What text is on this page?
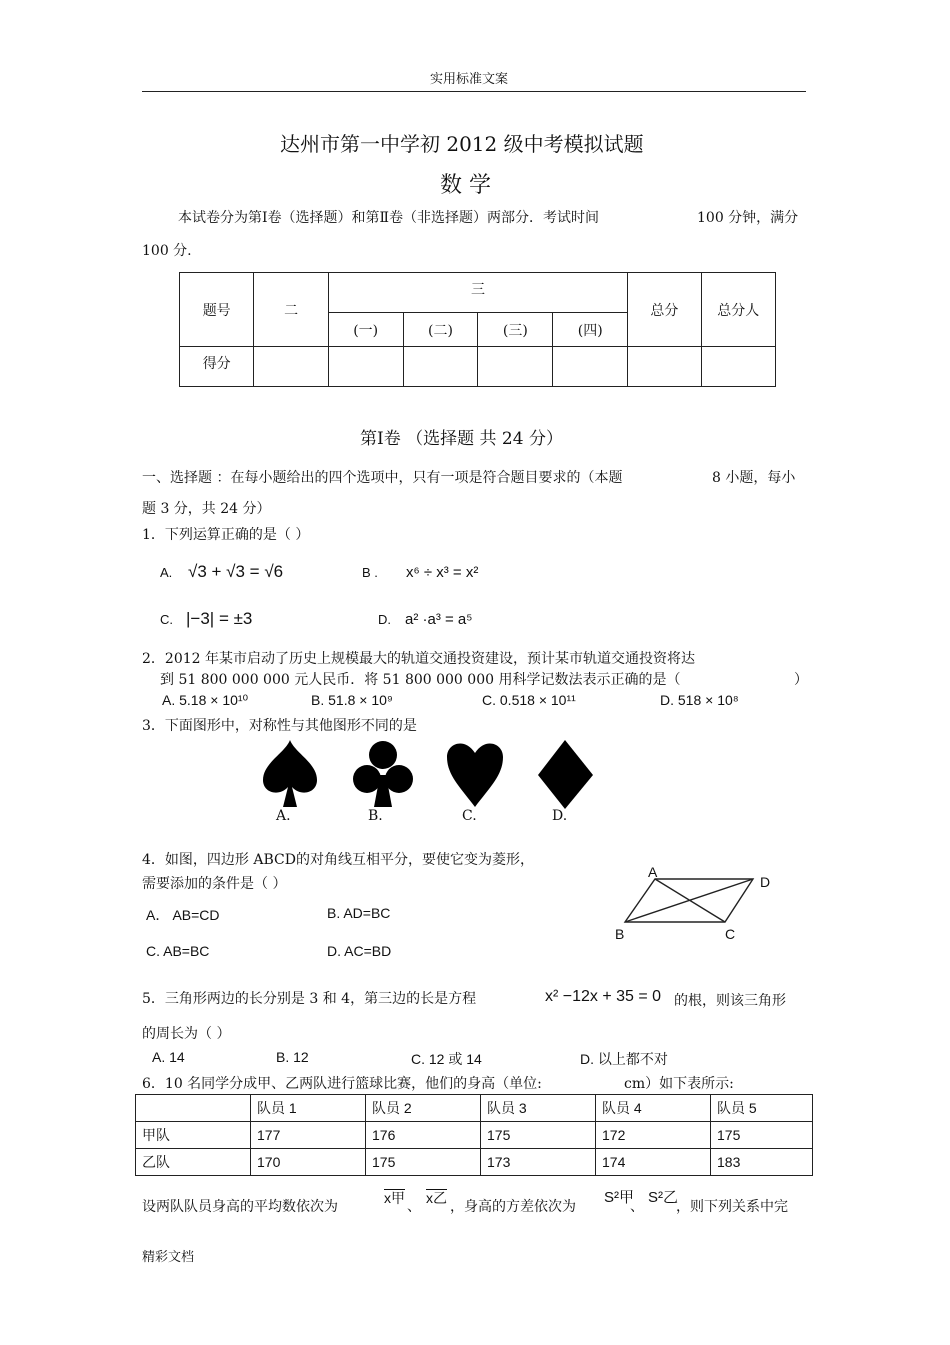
实用标准文案
达州市第一中学初 2012 级中考模拟试题
数 学
本试卷分为第Ⅰ卷（选择题）和第Ⅱ卷（非选择题）两部分．考试时间	100 分钟，满分
100 分.
题号	二	三				总分	总分人
		(一)	(二)	(三)	(四)		
得分							
第Ⅰ卷 （选择题 共 24 分）
一、选择题 ：在每小题给出的四个选项中，只有一项是符合题目要求的（本题	8 小题，每小
题 3 分，共 24 分）
1．下列运算正确的是（ ）
A. √3 + √3 = √6	B . x⁶ ÷ x³ = x²
C. |−3| = ±3	D. a² ·a³ = a⁵
2．2012 年某市启动了历史上规模最大的轨道交通投资建设，预计某市轨道交通投资将达
到 51 800 000 000 元人民币．将 51 800 000 000 用科学记数法表示正确的是（	）
A. 5.18 × 10¹⁰	B. 51.8 × 10⁹	C. 0.518 × 10¹¹	D. 518 × 10⁸
3．下面图形中，对称性与其他图形不同的是
A.	B.	C.	D.
4．如图，四边形 ABCD的对角线互相平分，要使它变为菱形，
需要添加的条件是（ ）
A． AB=CD	B. AD=BC
C. AB=BC	D. AC=BD
A
D
B	C
5．三角形两边的长分别是 3 和 4，第三边的长是方程	x² −12x + 35 = 0 的根，则该三角形
的周长为（ ）
A. 14	B. 12	C. 12 或 14	D. 以上都不对
6．10 名同学分成甲、乙两队进行篮球比赛，他们的身高（单位:	cm）如下表所示:
	队员 1	队员 2	队员 3	队员 4	队员 5
甲队	177	176	175	172	175
乙队	170	175	173	174	183
设两队队员身高的平均数依次为
x甲
、
x乙
，身高的方差依次为
S²甲
、
S²乙
，则下列关系中完
精彩文档
